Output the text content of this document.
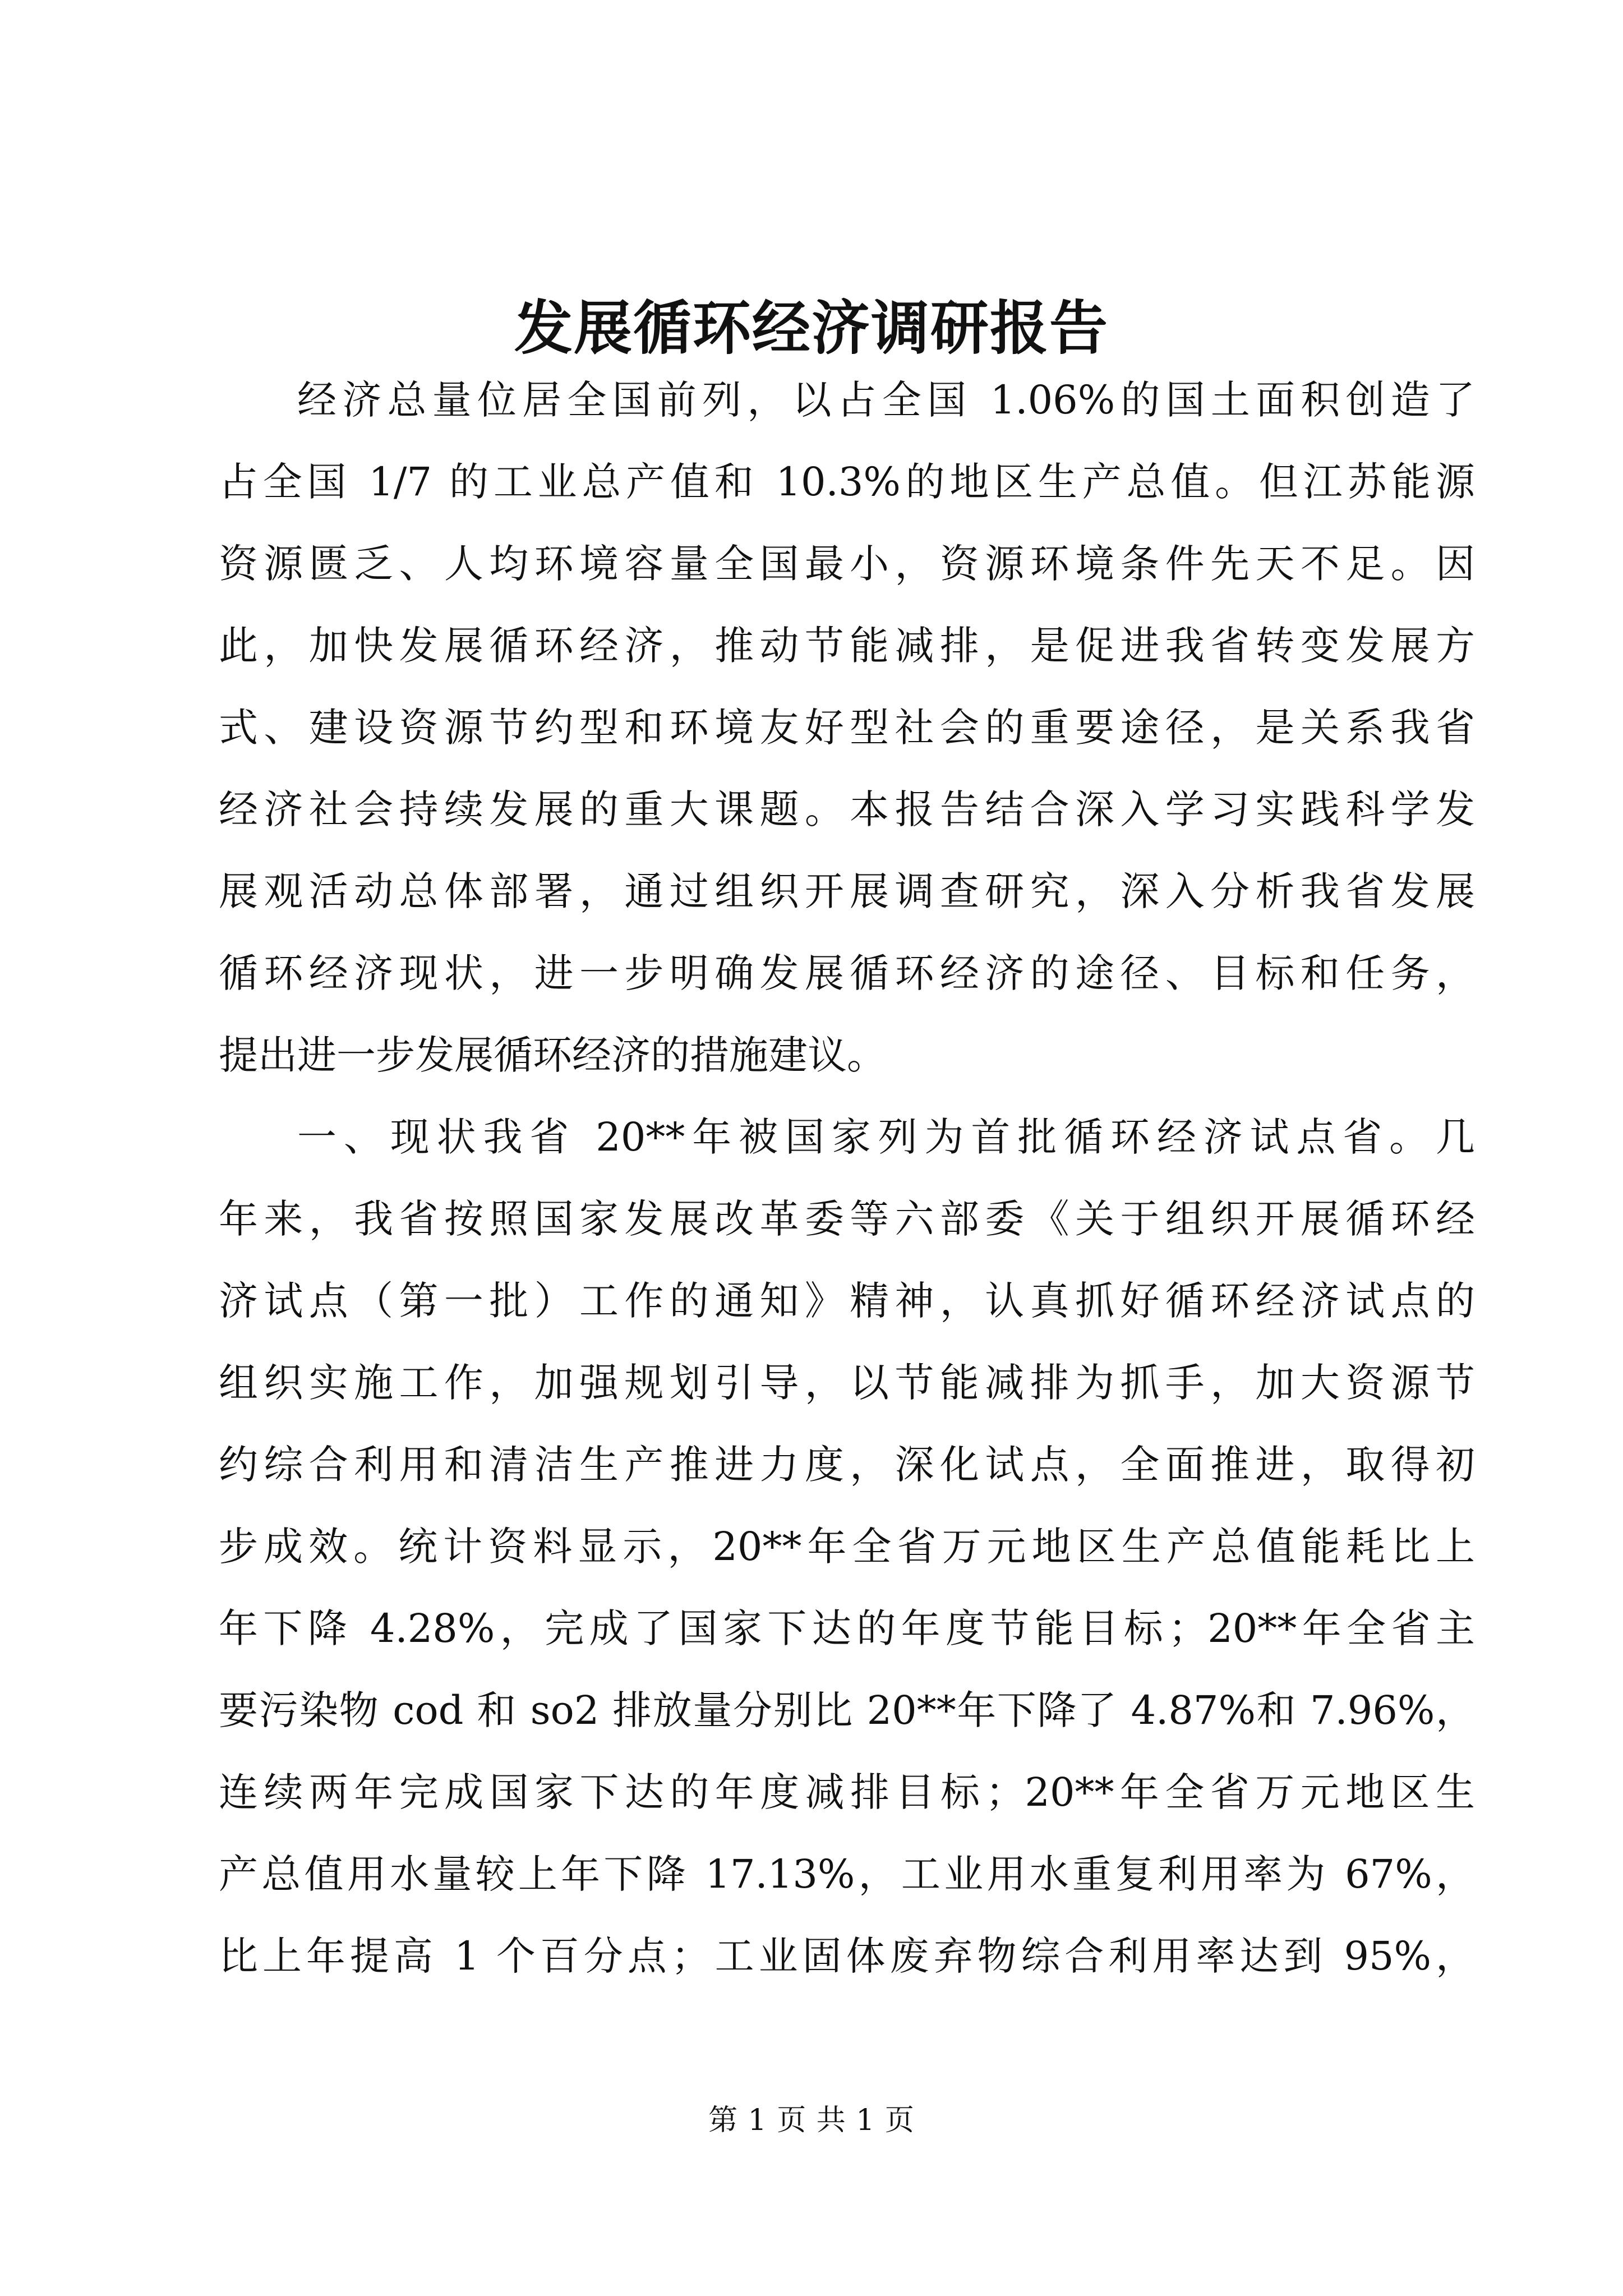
发展循环经济调研报告
经济总量位居全国前列，以占全国 1.06%的国土面积创造了
占全国 1/7 的工业总产值和 10.3%的地区生产总值。但江苏能源
资源匮乏、人均环境容量全国最小，资源环境条件先天不足。因
此，加快发展循环经济，推动节能减排，是促进我省转变发展方
式、建设资源节约型和环境友好型社会的重要途径，是关系我省
经济社会持续发展的重大课题。本报告结合深入学习实践科学发
展观活动总体部署，通过组织开展调查研究，深入分析我省发展
循环经济现状，进一步明确发展循环经济的途径、目标和任务，
提出进一步发展循环经济的措施建议。
一、现状我省 20**年被国家列为首批循环经济试点省。几
年来，我省按照国家发展改革委等六部委《关于组织开展循环经
济试点（第一批）工作的通知》精神，认真抓好循环经济试点的
组织实施工作，加强规划引导，以节能减排为抓手，加大资源节
约综合利用和清洁生产推进力度，深化试点，全面推进，取得初
步成效。统计资料显示，20**年全省万元地区生产总值能耗比上
年下降 4.28%，完成了国家下达的年度节能目标；20**年全省主
要污染物 cod 和 so2 排放量分别比 20**年下降了 4.87%和 7.96%，
连续两年完成国家下达的年度减排目标；20**年全省万元地区生
产总值用水量较上年下降 17.13%，工业用水重复利用率为 67%，
比上年提高 1 个百分点；工业固体废弃物综合利用率达到 95%，
第 1 页 共 1 页
